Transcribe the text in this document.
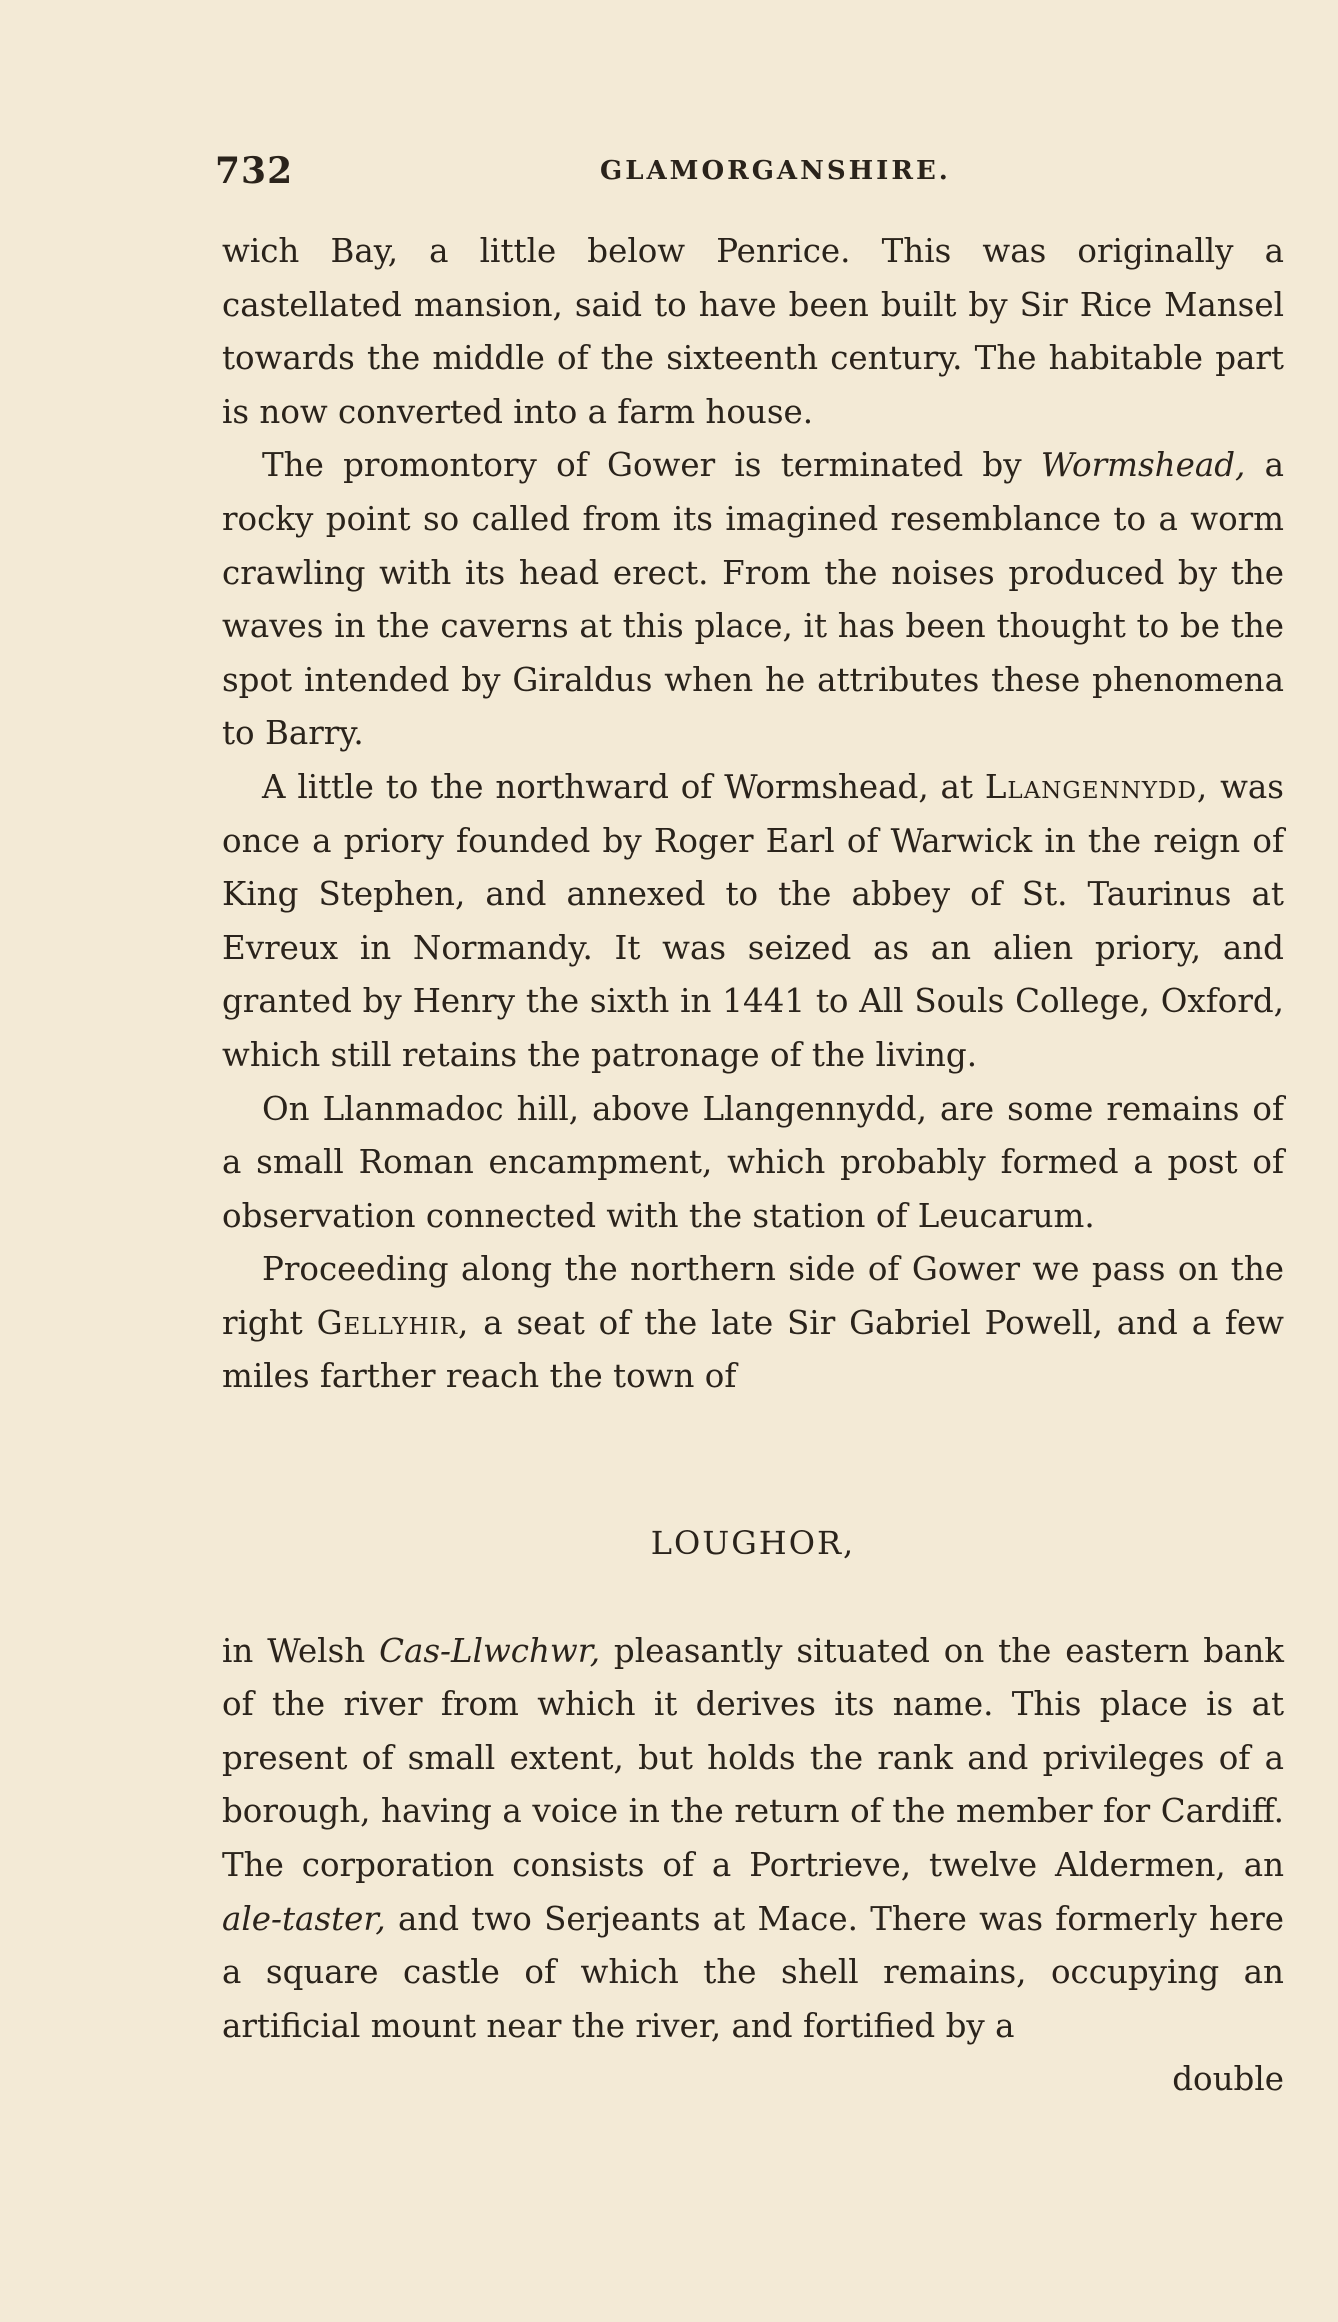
732	GLAMORGANSHIRE.

wich Bay, a little below Penrice. This was originally a castellated mansion, said to have been built by Sir Rice Mansel towards the middle of the sixteenth century. The habitable part is now converted into a farm house.

The promontory of Gower is terminated by Wormshead, a rocky point so called from its imagined resemblance to a worm crawling with its head erect. From the noises produced by the waves in the caverns at this place, it has been thought to be the spot intended by Giraldus when he attributes these phenomena to Barry.

A little to the northward of Wormshead, at Llangennydd, was once a priory founded by Roger Earl of Warwick in the reign of King Stephen, and annexed to the abbey of St. Taurinus at Evreux in Normandy. It was seized as an alien priory, and granted by Henry the sixth in 1441 to All Souls College, Oxford, which still retains the patronage of the living.

On Llanmadoc hill, above Llangennydd, are some remains of a small Roman encampment, which probably formed a post of observation connected with the station of Leucarum.

Proceeding along the northern side of Gower we pass on the right Gellyhir, a seat of the late Sir Gabriel Powell, and a few miles farther reach the town of

LOUGHOR,

in Welsh Cas-Llwchwr, pleasantly situated on the eastern bank of the river from which it derives its name. This place is at present of small extent, but holds the rank and privileges of a borough, having a voice in the return of the member for Cardiff. The corporation consists of a Portrieve, twelve Aldermen, an ale-taster, and two Serjeants at Mace. There was formerly here a square castle of which the shell remains, occupying an artificial mount near the river, and fortified by a

double
